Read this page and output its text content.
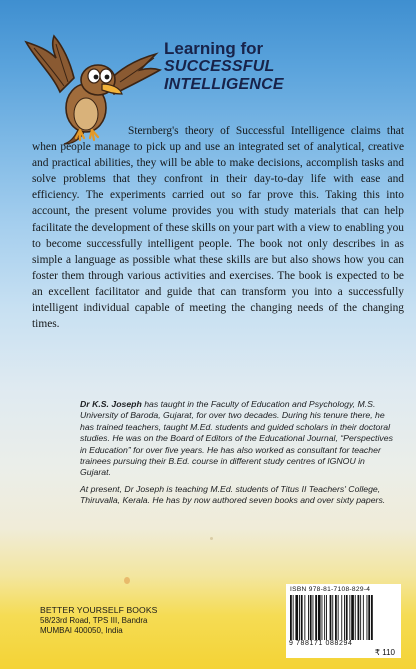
Learning for
SUCCESSFUL
INTELLIGENCE

Sternberg's theory of Successful Intelligence claims that when people manage to pick up and use an integrated set of analytical, creative and practical abilities, they will be able to make decisions, accomplish tasks and solve problems that they confront in their day-to-day life with ease and efficiency. The experiments carried out so far prove this. Taking this into account, the present volume provides you with study materials that can help facilitate the development of these skills on your part with a view to enabling you to become successfully intelligent people. The book not only describes in as simple a language as possible what these skills are but also shows how you can foster them through various activities and exercises. The book is expected to be an excellent facilitator and guide that can transform you into a successfully intelligent individual capable of meeting the changing needs of the changing times.

Dr K.S. Joseph has taught in the Faculty of Education and Psychology, M.S. University of Baroda, Gujarat, for over two decades. During his tenure there, he has trained teachers, taught M.Ed. students and guided scholars in their doctoral studies. He was on the Board of Editors of the Educational Journal, “Perspectives in Education” for over five years. He has also worked as consultant for teacher trainees pursuing their B.Ed. course in different study centres of IGNOU in Gujarat.

At present, Dr Joseph is teaching M.Ed. students of Titus II Teachers' College, Thiruvalla, Kerala. He has by now authored seven books and over sixty papers.

BETTER YOURSELF BOOKS
58/23rd Road, TPS III, Bandra
MUMBAI 400050, India
ISBN 978-81-7108-829-4
9 788171 088294
₹ 110
